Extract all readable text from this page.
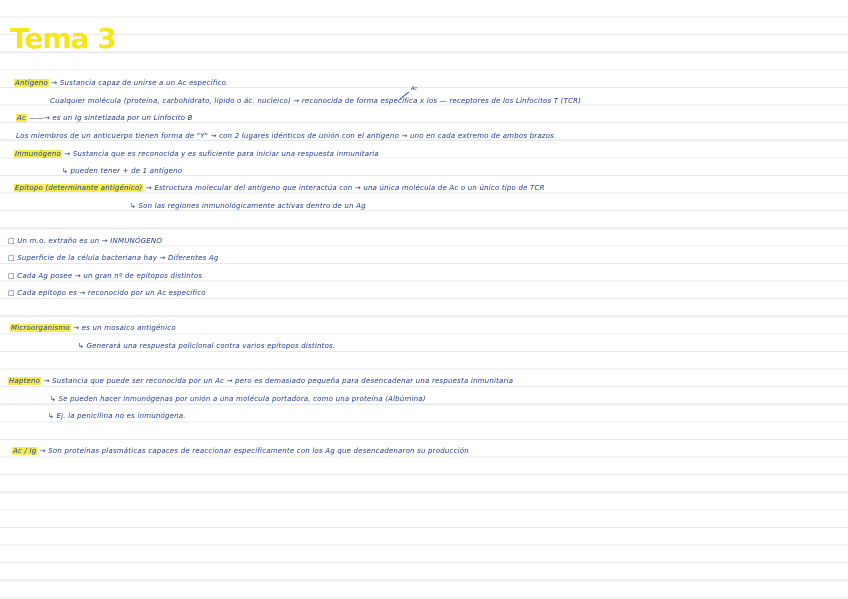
Tema 3
Antígeno → Sustancia capaz de unirse a un Ac específico.
Cualquier molécula (proteína, carbohidrato, lípido o ác. nucleico) → reconocida de forma específica x los — receptores de los Linfocitos T (TCR)
Ac
Ac ——→ es un Ig sintetizada por un Linfocito B
Los miembros de un anticuerpo tienen forma de "Y" → con 2 lugares idénticos de unión con el antígeno → uno en cada extremo de ambos brazos.
Inmunógeno → Sustancia que es reconocida y es suficiente para iniciar una respuesta inmunitaria
↳ pueden tener + de 1 antígeno
Epítopo (determinante antigénico) → Estructura molecular del antígeno que interactúa con → una única molécula de Ac o un único tipo de TCR
↳ Son las regiones inmunológicamente activas dentro de un Ag
□ Un m.o. extraño es un → INMUNÓGENO
□ Superficie de la célula bacteriana hay → Diferentes Ag
□ Cada Ag posee → un gran nº de epítopos distintos
□ Cada epítopo es → reconocido por un Ac específico
Microorganismo → es un mosaico antigénico
↳ Generará una respuesta policlonal contra varios epítopos distintos.
Hapteno → Sustancia que puede ser reconocida por un Ac → pero es demasiado pequeña para desencadenar una respuesta inmunitaria
↳ Se pueden hacer inmunógenas por unión a una molécula portadora, como una proteína (Albúmina)
↳ Ej. la penicilina no es inmunógena.
Ac / Ig → Son proteínas plasmáticas capaces de reaccionar específicamente con los Ag que desencadenaron su producción
